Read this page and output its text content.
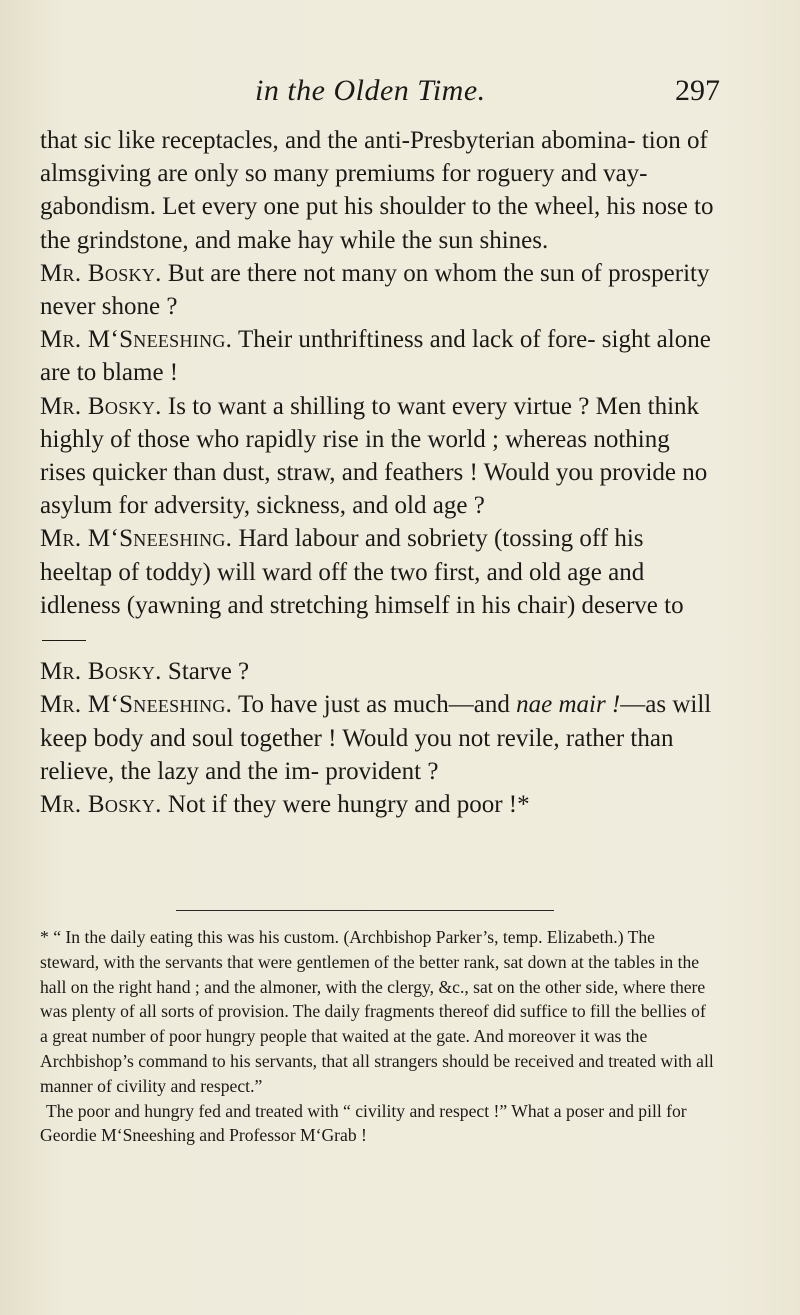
in the Olden Time.	297

that sic like receptacles, and the anti-Presbyterian abomina- tion of almsgiving are only so many premiums for roguery and vay-gabondism. Let every one put his shoulder to the wheel, his nose to the grindstone, and make hay while the sun shines.

Mr. Bosky. But are there not many on whom the sun of prosperity never shone ?

Mr. M‘Sneeshing. Their unthriftiness and lack of fore- sight alone are to blame !

Mr. Bosky. Is to want a shilling to want every virtue ? Men think highly of those who rapidly rise in the world ; whereas nothing rises quicker than dust, straw, and feathers ! Would you provide no asylum for adversity, sickness, and old age ?

Mr. M‘Sneeshing. Hard labour and sobriety (tossing off his heeltap of toddy) will ward off the two first, and old age and idleness (yawning and stretching himself in his chair) deserve to

Mr. Bosky. Starve ?

Mr. M‘Sneeshing. To have just as much—and nae mair !—as will keep body and soul together ! Would you not revile, rather than relieve, the lazy and the im- provident ?

Mr. Bosky. Not if they were hungry and poor !*

* “ In the daily eating this was his custom. (Archbishop Parker’s, temp. Elizabeth.) The steward, with the servants that were gentlemen of the better rank, sat down at the tables in the hall on the right hand ; and the almoner, with the clergy, &c., sat on the other side, where there was plenty of all sorts of provision. The daily fragments thereof did suffice to fill the bellies of a great number of poor hungry people that waited at the gate. And moreover it was the Archbishop’s command to his servants, that all strangers should be received and treated with all manner of civility and respect.”

The poor and hungry fed and treated with “ civility and respect !” What a poser and pill for Geordie M‘Sneeshing and Professor M‘Grab !
